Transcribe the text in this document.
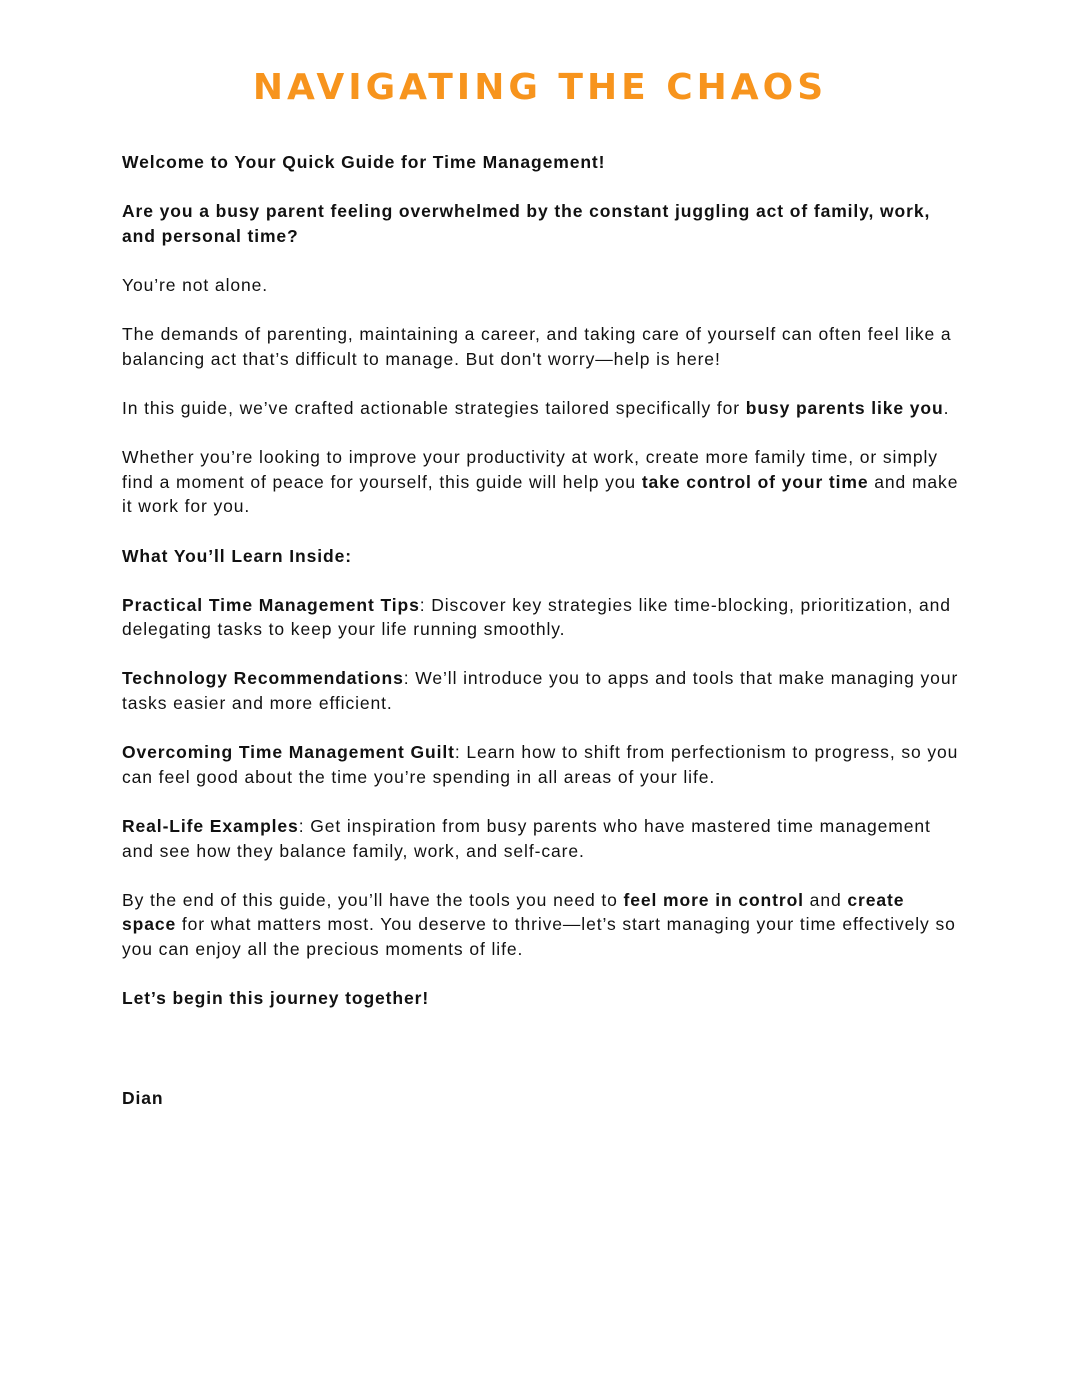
NAVIGATING THE CHAOS

Welcome to Your Quick Guide for Time Management!

Are you a busy parent feeling overwhelmed by the constant juggling act of family, work, and personal time?

You’re not alone.

The demands of parenting, maintaining a career, and taking care of yourself can often feel like a balancing act that’s difficult to manage. But don't worry—help is here!

In this guide, we’ve crafted actionable strategies tailored specifically for busy parents like you.

Whether you’re looking to improve your productivity at work, create more family time, or simply find a moment of peace for yourself, this guide will help you take control of your time and make it work for you.

What You’ll Learn Inside:

Practical Time Management Tips: Discover key strategies like time-blocking, prioritization, and delegating tasks to keep your life running smoothly.

Technology Recommendations: We’ll introduce you to apps and tools that make managing your tasks easier and more efficient.

Overcoming Time Management Guilt: Learn how to shift from perfectionism to progress, so you can feel good about the time you’re spending in all areas of your life.

Real-Life Examples: Get inspiration from busy parents who have mastered time management and see how they balance family, work, and self-care.

By the end of this guide, you’ll have the tools you need to feel more in control and create space for what matters most. You deserve to thrive—let’s start managing your time effectively so you can enjoy all the precious moments of life.

Let’s begin this journey together!

Dian
